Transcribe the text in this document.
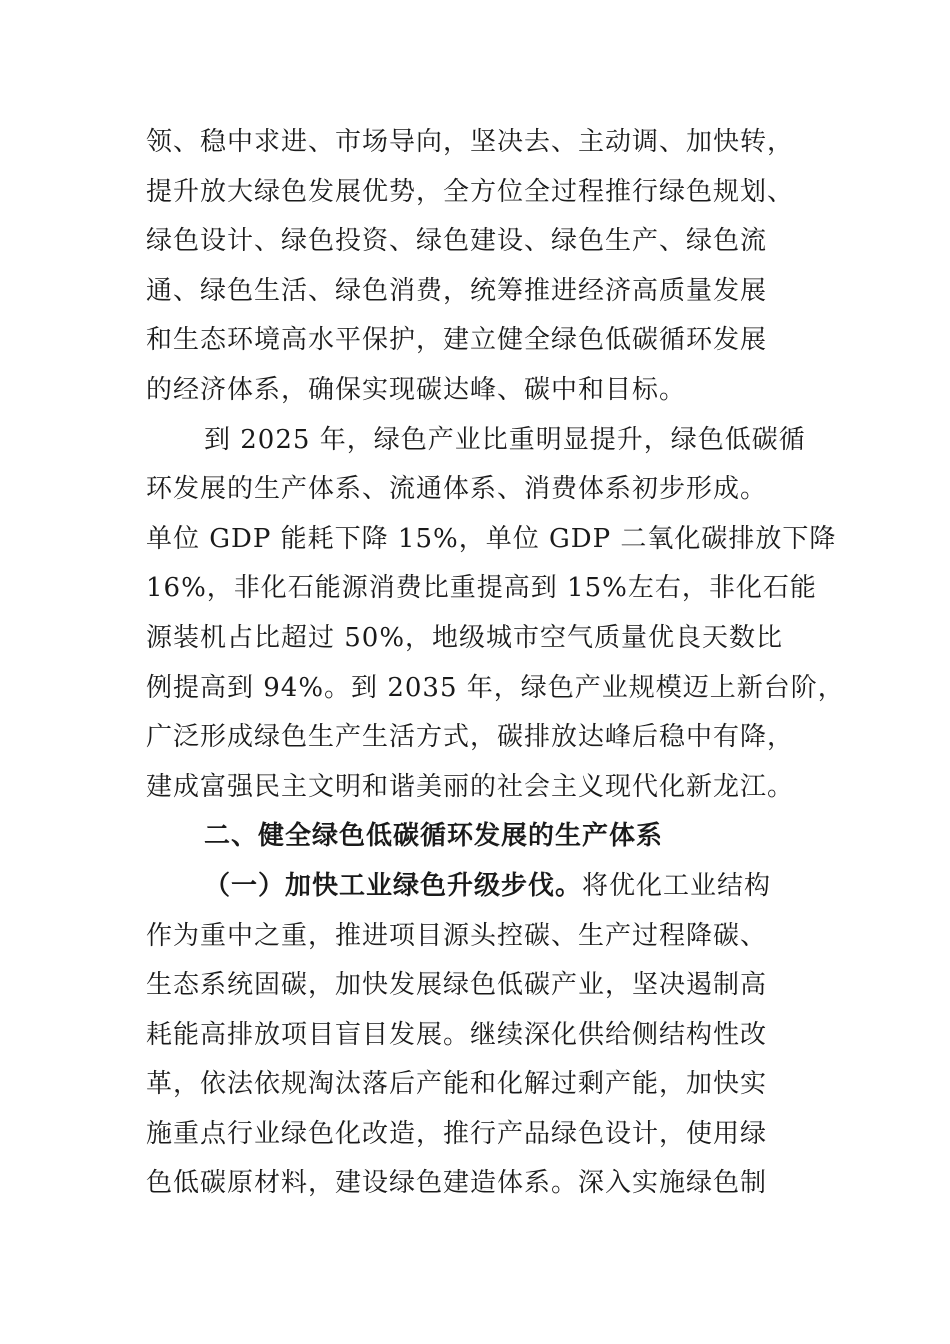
领、稳中求进、市场导向，坚决去、主动调、加快转，
提升放大绿色发展优势，全方位全过程推行绿色规划、
绿色设计、绿色投资、绿色建设、绿色生产、绿色流
通、绿色生活、绿色消费，统筹推进经济高质量发展
和生态环境高水平保护，建立健全绿色低碳循环发展
的经济体系，确保实现碳达峰、碳中和目标。
到 2025 年，绿色产业比重明显提升，绿色低碳循
环发展的生产体系、流通体系、消费体系初步形成。
单位 GDP 能耗下降 15%，单位 GDP 二氧化碳排放下降
16%，非化石能源消费比重提高到 15%左右，非化石能
源装机占比超过 50%，地级城市空气质量优良天数比
例提高到 94%。到 2035 年，绿色产业规模迈上新台阶，
广泛形成绿色生产生活方式，碳排放达峰后稳中有降，
建成富强民主文明和谐美丽的社会主义现代化新龙江。
二、健全绿色低碳循环发展的生产体系
（一）加快工业绿色升级步伐。将优化工业结构
作为重中之重，推进项目源头控碳、生产过程降碳、
生态系统固碳，加快发展绿色低碳产业，坚决遏制高
耗能高排放项目盲目发展。继续深化供给侧结构性改
革，依法依规淘汰落后产能和化解过剩产能，加快实
施重点行业绿色化改造，推行产品绿色设计，使用绿
色低碳原材料，建设绿色建造体系。深入实施绿色制
